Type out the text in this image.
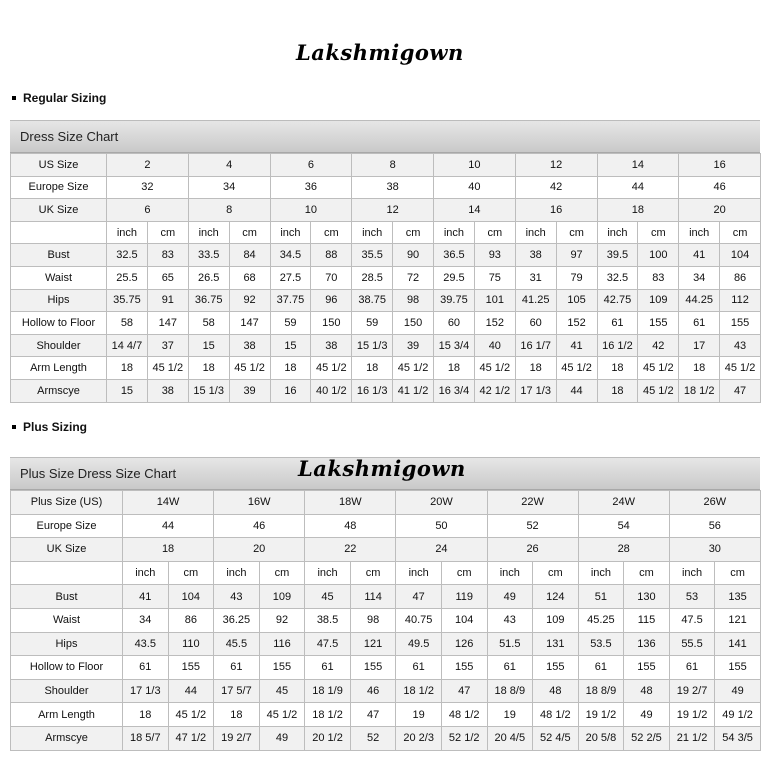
Lakshmigown
Regular Sizing
Dress Size Chart
US Size	2		4		6		8		10		12		14		16	
Europe Size	32		34		36		38		40		42		44		46	
UK Size	6		8		10		12		14		16		18		20	
	inch	cm	inch	cm	inch	cm	inch	cm	inch	cm	inch	cm	inch	cm	inch	cm
Bust	32.5	83	33.5	84	34.5	88	35.5	90	36.5	93	38	97	39.5	100	41	104
Waist	25.5	65	26.5	68	27.5	70	28.5	72	29.5	75	31	79	32.5	83	34	86
Hips	35.75	91	36.75	92	37.75	96	38.75	98	39.75	101	41.25	105	42.75	109	44.25	112
Hollow to Floor	58	147	58	147	59	150	59	150	60	152	60	152	61	155	61	155
Shoulder	14 4/7	37	15	38	15	38	15 1/3	39	15 3/4	40	16 1/7	41	16 1/2	42	17	43
Arm Length	18	45 1/2	18	45 1/2	18	45 1/2	18	45 1/2	18	45 1/2	18	45 1/2	18	45 1/2	18	45 1/2
Armscye	15	38	15 1/3	39	16	40 1/2	16 1/3	41 1/2	16 3/4	42 1/2	17 1/3	44	18	45 1/2	18 1/2	47
Plus Sizing
Plus Size Dress Size Chart
Plus Size (US)	14W		16W		18W		20W		22W		24W		26W	
Europe Size	44		46		48		50		52		54		56	
UK Size	18		20		22		24		26		28		30	
	inch	cm	inch	cm	inch	cm	inch	cm	inch	cm	inch	cm	inch	cm
Bust	41	104	43	109	45	114	47	119	49	124	51	130	53	135
Waist	34	86	36.25	92	38.5	98	40.75	104	43	109	45.25	115	47.5	121
Hips	43.5	110	45.5	116	47.5	121	49.5	126	51.5	131	53.5	136	55.5	141
Hollow to Floor	61	155	61	155	61	155	61	155	61	155	61	155	61	155
Shoulder	17 1/3	44	17 5/7	45	18 1/9	46	18 1/2	47	18 8/9	48	18 8/9	48	19 2/7	49
Arm Length	18	45 1/2	18	45 1/2	18 1/2	47	19	48 1/2	19	48 1/2	19 1/2	49	19 1/2	49 1/2
Armscye	18 5/7	47 1/2	19 2/7	49	20 1/2	52	20 2/3	52 1/2	20 4/5	52 4/5	20 5/8	52 2/5	21 1/2	54 3/5
Lakshmigown
